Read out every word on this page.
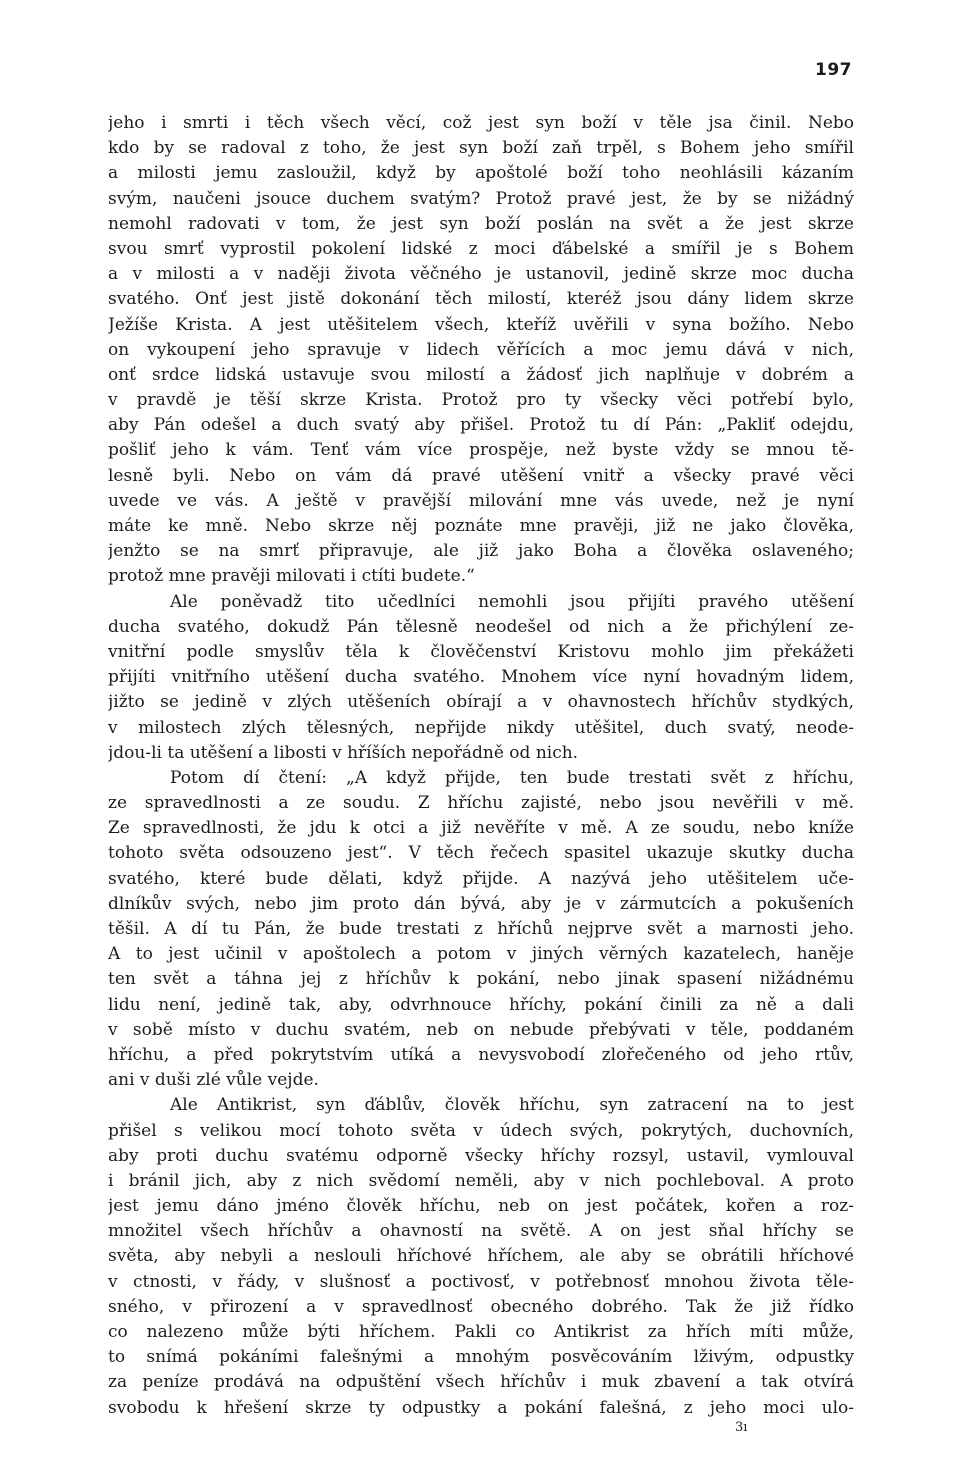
197

jeho i smrti i těch všech věcí, což jest syn boží v těle jsa činil. Nebo
kdo by se radoval z toho, že jest syn boží zaň trpěl, s Bohem jeho smířil
a milosti jemu zasloužil, když by apoštolé boží toho neohlásili kázaním
svým, naučeni jsouce duchem svatým? Protož pravé jest, že by se nižádný
nemohl radovati v tom, že jest syn boží poslán na svět a že jest skrze
svou smrť vyprostil pokolení lidské z moci ďábelské a smířil je s Bohem
a v milosti a v naději života věčného je ustanovil, jedině skrze moc ducha
svatého. Onť jest jistě dokonání těch milostí, kteréž jsou dány lidem skrze
Ježíše Krista. A jest utěšitelem všech, kteříž uvěřili v syna božího. Nebo
on vykoupení jeho spravuje v lidech věřících a moc jemu dává v nich,
onť srdce lidská ustavuje svou milostí a žádosť jich naplňuje v dobrém a
v pravdě je těší skrze Krista. Protož pro ty všecky věci potřebí bylo,
aby Pán odešel a duch svatý aby přišel. Protož tu dí Pán: „Pakliť odejdu,
pošliť jeho k vám. Tenť vám více prospěje, než byste vždy se mnou tě-
lesně byli. Nebo on vám dá pravé utěšení vnitř a všecky pravé věci
uvede ve vás. A ještě v pravější milování mne vás uvede, než je nyní
máte ke mně. Nebo skrze něj poznáte mne pravěji, již ne jako člověka,
jenžto se na smrť připravuje, ale již jako Boha a člověka oslaveného;
protož mne pravěji milovati i ctíti budete.“
Ale poněvadž tito učedlníci nemohli jsou přijíti pravého utěšení
ducha svatého, dokudž Pán tělesně neodešel od nich a že přichýlení ze-
vnitřní podle smyslův těla k člověčenství Kristovu mohlo jim překážeti
přijíti vnitřního utěšení ducha svatého. Mnohem více nyní hovadným lidem,
jižto se jedině v zlých utěšeních obírají a v ohavnostech hříchův stydkých,
v milostech zlých tělesných, nepřijde nikdy utěšitel, duch svatý, neode-
jdou-li ta utěšení a libosti v hříších nepořádně od nich.
Potom dí čtení: „A když přijde, ten bude trestati svět z hříchu,
ze spravedlnosti a ze soudu. Z hříchu zajisté, nebo jsou nevěřili v mě.
Ze spravedlnosti, že jdu k otci a již nevěříte v mě. A ze soudu, nebo kníže
tohoto světa odsouzeno jest“. V těch řečech spasitel ukazuje skutky ducha
svatého, které bude dělati, když přijde. A nazývá jeho utěšitelem uče-
dlníkův svých, nebo jim proto dán bývá, aby je v zármutcích a pokušeních
těšil. A dí tu Pán, že bude trestati z hříchů nejprve svět a marnosti jeho.
A to jest učinil v apoštolech a potom v jiných věrných kazatelech, haněje
ten svět a táhna jej z hříchův k pokání, nebo jinak spasení nižádnému
lidu není, jedině tak, aby, odvrhnouce hříchy, pokání činili za ně a dali
v sobě místo v duchu svatém, neb on nebude přebývati v těle, poddaném
hříchu, a před pokrytstvím utíká a nevysvobodí zlořečeného od jeho rtův,
ani v duši zlé vůle vejde.
Ale Antikrist, syn ďáblův, člověk hříchu, syn zatracení na to jest
přišel s velikou mocí tohoto světa v údech svých, pokrytých, duchovních,
aby proti duchu svatému odporně všecky hříchy rozsyl, ustavil, vymlouval
i bránil jich, aby z nich svědomí neměli, aby v nich pochleboval. A proto
jest jemu dáno jméno člověk hříchu, neb on jest počátek, kořen a roz-
množitel všech hříchův a ohavností na světě. A on jest sňal hříchy se
světa, aby nebyli a neslouli hříchové hříchem, ale aby se obrátili hříchové
v ctnosti, v řády, v slušnosť a poctivosť, v potřebnosť mnohou života těle-
sného, v přirození a v spravedlnosť obecného dobrého. Tak že již řídko
co nalezeno může býti hříchem. Pakli co Antikrist za hřích míti může,
to snímá pokáními falešnými a mnohým posvěcováním lživým, odpustky
za peníze prodává na odpuštění všech hříchův i muk zbavení a tak otvírá
svobodu k hřešení skrze ty odpustky a pokání falešná, z jeho moci ulo-

3ı
